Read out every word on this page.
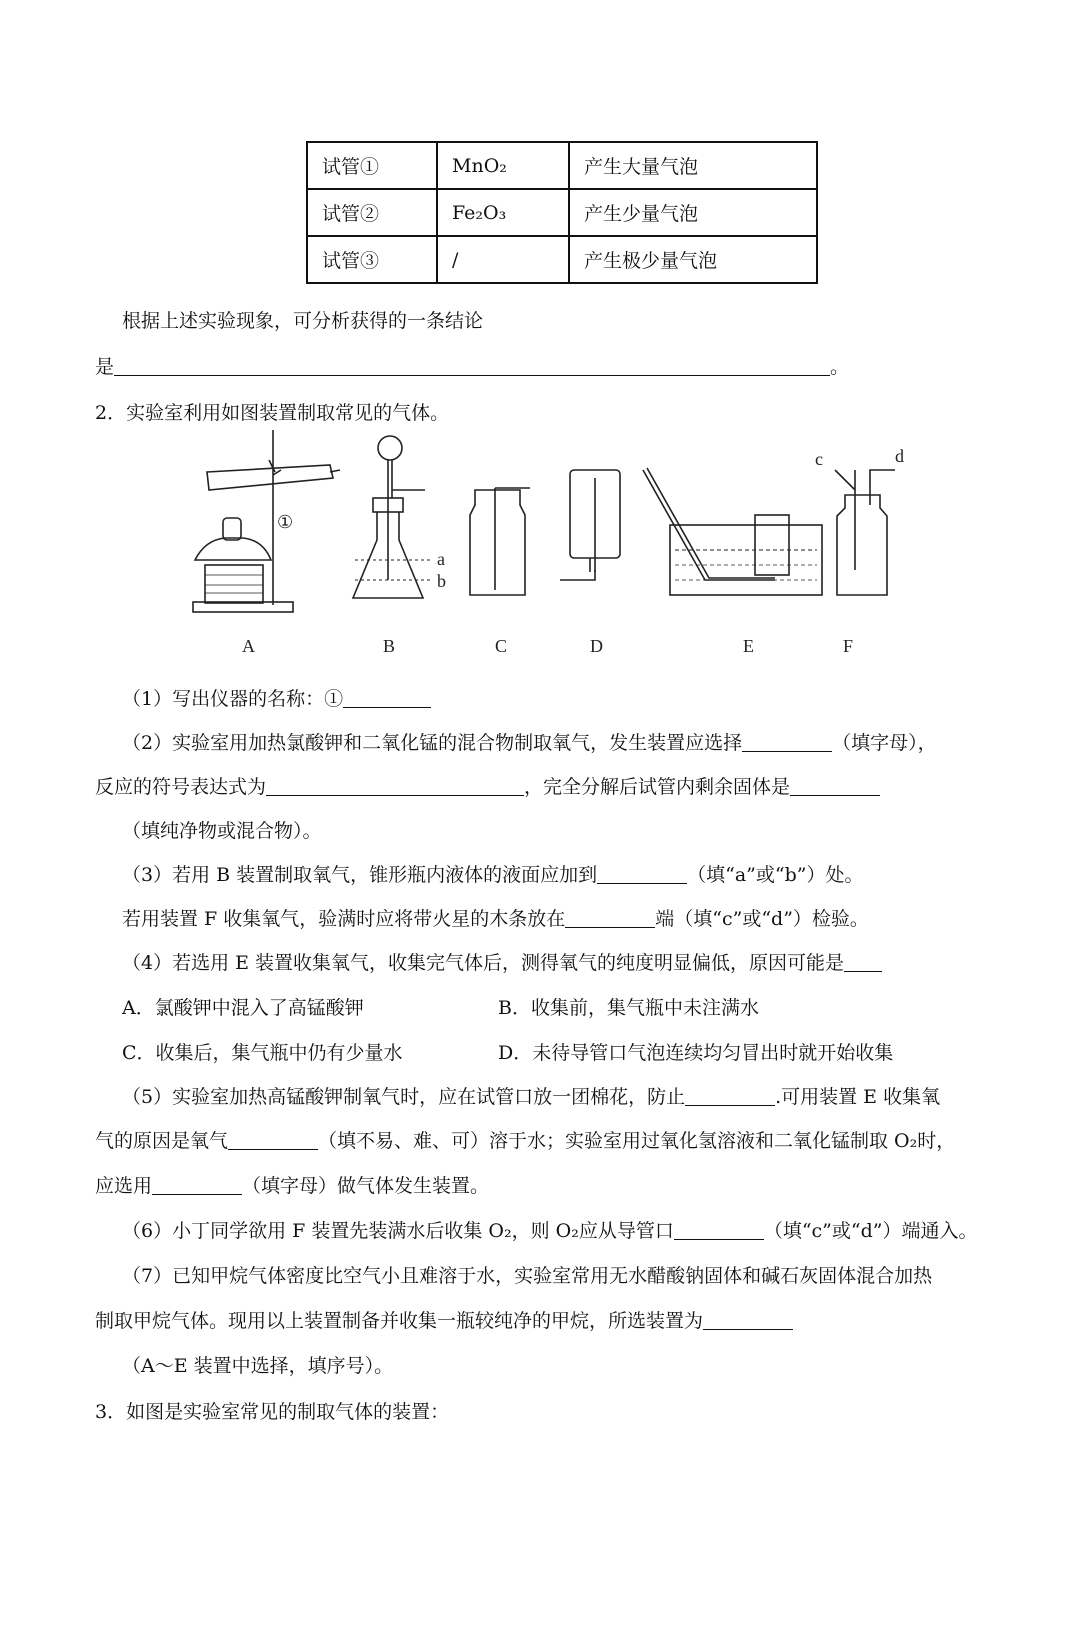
试管①	MnO₂	产生大量气泡
试管②	Fe₂O₃	产生少量气泡
试管③	/	产生极少量气泡
根据上述实验现象，可分析获得的一条结论
是	。
2．实验室利用如图装置制取常见的气体。
①
a
b
c	d
A	B	C	D	E	F
（1）写出仪器的名称：①
（2）实验室用加热氯酸钾和二氧化锰的混合物制取氧气，发生装置应选择	（填字母），
反应的符号表达式为	，完全分解后试管内剩余固体是
（填纯净物或混合物）。
（3）若用 B 装置制取氧气，锥形瓶内液体的液面应加到	（填“a”或“b”）处。
若用装置 F 收集氧气，验满时应将带火星的木条放在	端（填“c”或“d”）检验。
（4）若选用 E 装置收集氧气，收集完气体后，测得氧气的纯度明显偏低，原因可能是
A．氯酸钾中混入了高锰酸钾	B．收集前，集气瓶中未注满水
C．收集后，集气瓶中仍有少量水	D．未待导管口气泡连续均匀冒出时就开始收集
（5）实验室加热高锰酸钾制氧气时，应在试管口放一团棉花，防止	.可用装置 E 收集氧
气的原因是氧气	（填不易、难、可）溶于水；实验室用过氧化氢溶液和二氧化锰制取 O₂时，
应选用	（填字母）做气体发生装置。
（6）小丁同学欲用 F 装置先装满水后收集 O₂，则 O₂应从导管口	（填“c”或“d”）端通入。
（7）已知甲烷气体密度比空气小且难溶于水，实验室常用无水醋酸钠固体和碱石灰固体混合加热
制取甲烷气体。现用以上装置制备并收集一瓶较纯净的甲烷，所选装置为
（A～E 装置中选择，填序号）。
3．如图是实验室常见的制取气体的装置：
